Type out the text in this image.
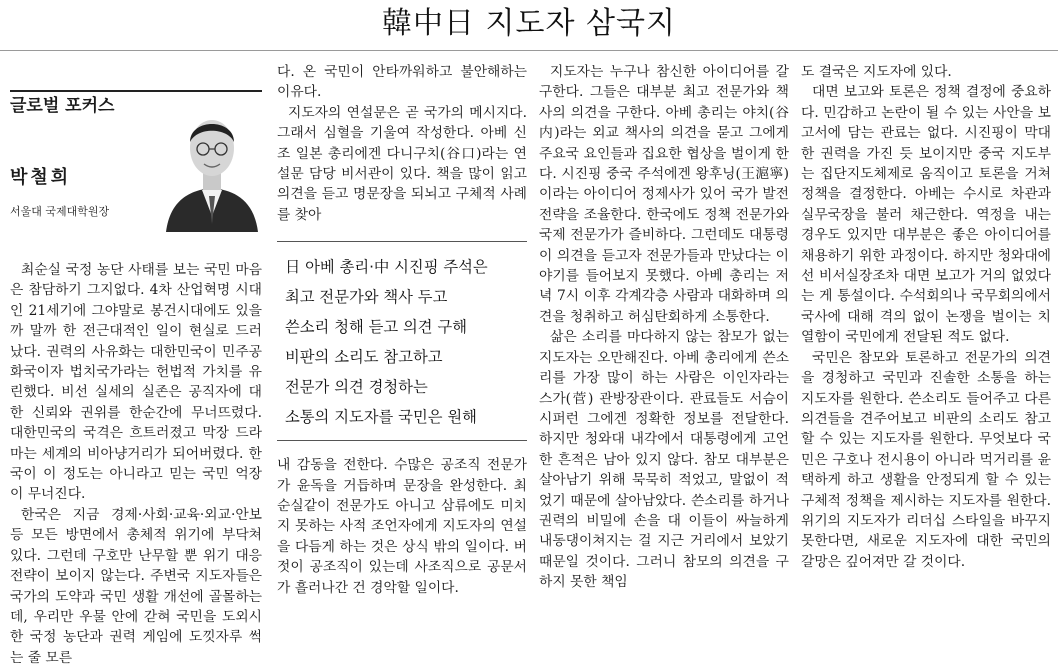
韓中日 지도자 삼국지
글로벌 포커스
박철희
서울대 국제대학원장

최순실 국정 농단 사태를 보는 국민 마음은 참담하기 그지없다. 4차 산업혁명 시대인 21세기에 그야말로 봉건시대에도 있을까 말까 한 전근대적인 일이 현실로 드러났다. 권력의 사유화는 대한민국이 민주공화국이자 법치국가라는 헌법적 가치를 유린했다. 비선 실세의 실존은 공직자에 대한 신뢰와 권위를 한순간에 무너뜨렸다. 대한민국의 국격은 흐트러졌고 막장 드라마는 세계의 비아냥거리가 되어버렸다. 한국이 이 정도는 아니라고 믿는 국민 억장이 무너진다.

한국은 지금 경제·사회·교육·외교·안보 등 모든 방면에서 총체적 위기에 부닥쳐 있다. 그런데 구호만 난무할 뿐 위기 대응 전략이 보이지 않는다. 주변국 지도자들은 국가의 도약과 국민 생활 개선에 골몰하는데, 우리만 우물 안에 갇혀 국민을 도외시한 국정 농단과 권력 게임에 도낏자루 썩는 줄 모른

다. 온 국민이 안타까워하고 불안해하는 이유다.

지도자의 연설문은 곧 국가의 메시지다. 그래서 심혈을 기울여 작성한다. 아베 신조 일본 총리에겐 다니구치(谷口)라는 연설문 담당 비서관이 있다. 책을 많이 읽고 의견을 듣고 명문장을 되뇌고 구체적 사례를 찾아

日 아베 총리·中 시진핑 주석은
최고 전문가와 책사 두고
쓴소리 청해 듣고 의견 구해
비판의 소리도 참고하고
전문가 의견 경청하는
소통의 지도자를 국민은 원해

내 감동을 전한다. 수많은 공조직 전문가가 윤독을 거듭하며 문장을 완성한다. 최순실같이 전문가도 아니고 삼류에도 미치지 못하는 사적 조언자에게 지도자의 연설을 다듬게 하는 것은 상식 밖의 일이다. 버젓이 공조직이 있는데 사조직으로 공문서가 흘러나간 건 경악할 일이다.

지도자는 누구나 참신한 아이디어를 갈구한다. 그들은 대부분 최고 전문가와 책사의 의견을 구한다. 아베 총리는 야치(谷内)라는 외교 책사의 의견을 묻고 그에게 주요국 요인들과 집요한 협상을 벌이게 한다. 시진핑 중국 주석에겐 왕후닝(王滬寧)이라는 아이디어 정제사가 있어 국가 발전 전략을 조율한다. 한국에도 정책 전문가와 국제 전문가가 즐비하다. 그런데도 대통령이 의견을 듣고자 전문가들과 만났다는 이야기를 들어보지 못했다. 아베 총리는 저녁 7시 이후 각계각층 사람과 대화하며 의견을 청취하고 허심탄회하게 소통한다.

삶은 소리를 마다하지 않는 참모가 없는 지도자는 오만해진다. 아베 총리에게 쓴소리를 가장 많이 하는 사람은 이인자라는 스가(菅) 관방장관이다. 관료들도 서슴이 시퍼런 그에겐 정확한 정보를 전달한다. 하지만 청와대 내각에서 대통령에게 고언한 흔적은 남아 있지 않다. 참모 대부분은 살아남기 위해 묵묵히 적었고, 말없이 적었기 때문에 살아남았다. 쓴소리를 하거나 권력의 비밀에 손을 대 이들이 싸늘하게 내동댕이쳐지는 걸 지근 거리에서 보았기 때문일 것이다. 그러니 참모의 의견을 구하지 못한 책임

도 결국은 지도자에 있다.

대면 보고와 토론은 정책 결정에 중요하다. 민감하고 논란이 될 수 있는 사안을 보고서에 담는 관료는 없다. 시진핑이 막대한 권력을 가진 듯 보이지만 중국 지도부는 집단지도체제로 움직이고 토론을 거쳐 정책을 결정한다. 아베는 수시로 차관과 실무국장을 불러 채근한다. 역정을 내는 경우도 있지만 대부분은 좋은 아이디어를 채용하기 위한 과정이다. 하지만 청와대에선 비서실장조차 대면 보고가 거의 없었다는 게 통설이다. 수석회의나 국무회의에서 국사에 대해 격의 없이 논쟁을 벌이는 치열함이 국민에게 전달된 적도 없다.

국민은 참모와 토론하고 전문가의 의견을 경청하고 국민과 진솔한 소통을 하는 지도자를 원한다. 쓴소리도 들어주고 다른 의견들을 견주어보고 비판의 소리도 참고할 수 있는 지도자를 원한다. 무엇보다 국민은 구호나 전시용이 아니라 먹거리를 윤택하게 하고 생활을 안정되게 할 수 있는 구체적 정책을 제시하는 지도자를 원한다. 위기의 지도자가 리더십 스타일을 바꾸지 못한다면, 새로운 지도자에 대한 국민의 갈망은 깊어져만 갈 것이다.
